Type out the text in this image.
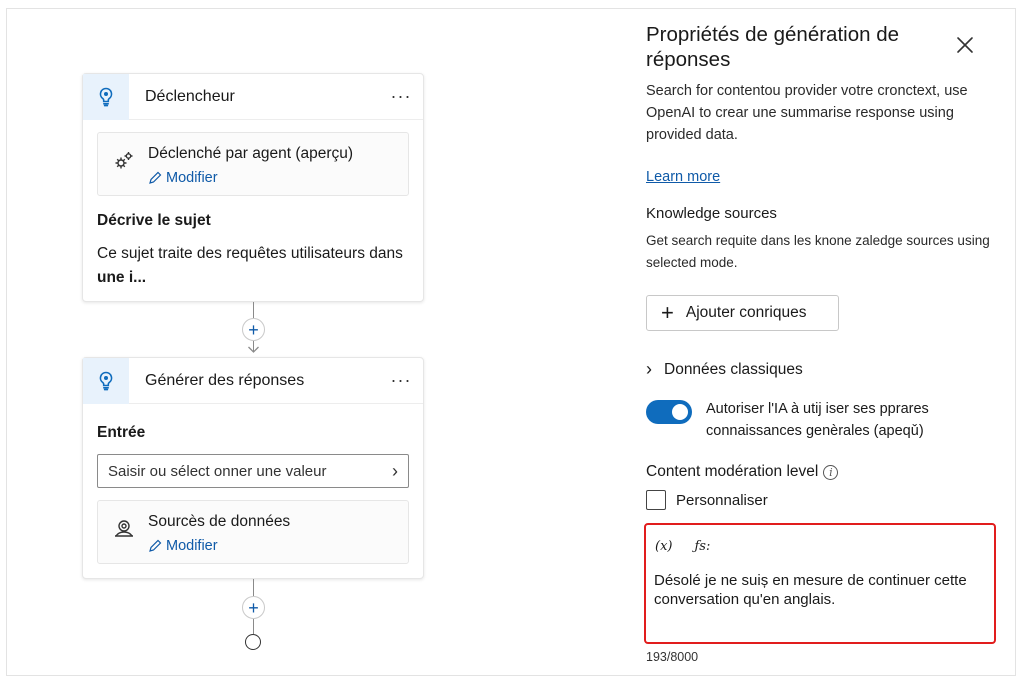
Déclencheur	···
Déclenché par agent (aperçu)
Modifier
Décrive le sujet
Ce sujet traite des requêtes utilisateurs dans
une i...
+
Générer des réponses	···
Entrée
Saisir ou sélect onner une valeur	›
Sourcès de données
Modifier
+
Propriétés de génération de réponses
Search for contentou provider votre cronctext, use OpenAI to crear une summarise response using provided data.
Learn more
Knowledge sources
Get search requite dans les knone zaledge sources using selected mode.
+ Ajouter conriques
› Données classiques
Autoriser l'IA à utij iser ses pprares connaissances genèrales (apeqǔ)
Content modération level i
Personnaliser
(x) ƒs:
Désolé je ne suiș en mesure de continuer cette conversation qu'en anglais.
193/8000
